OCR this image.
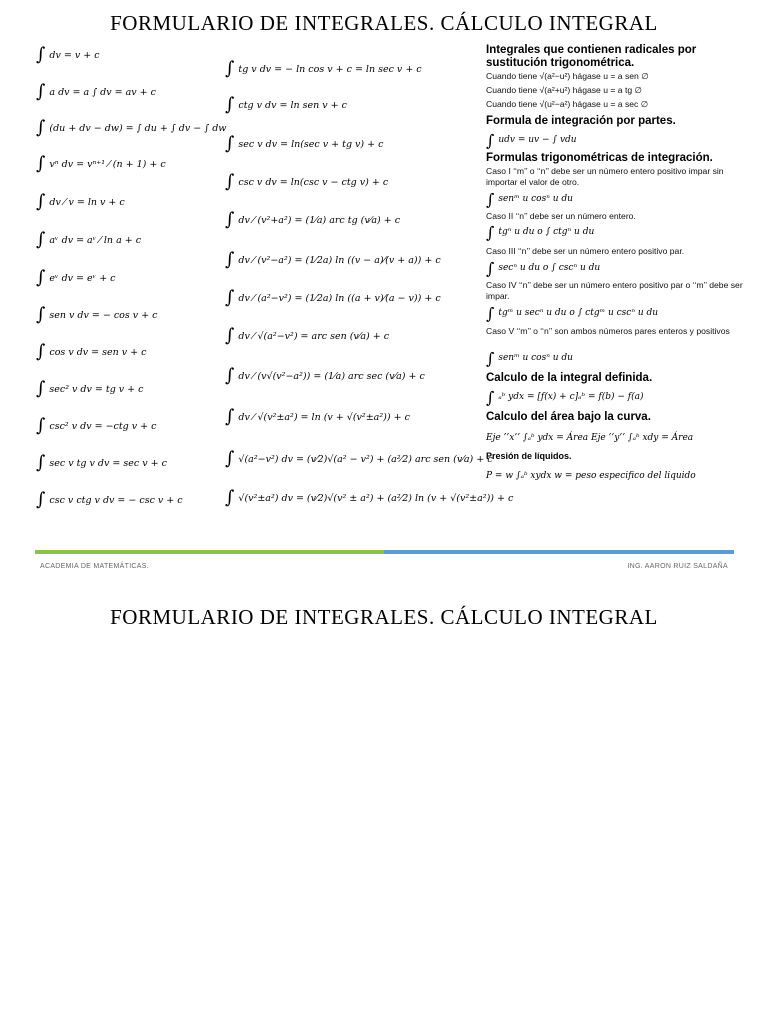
FORMULARIO DE INTEGRALES. CÁLCULO INTEGRAL
∫ dv = v + c
∫ a dv = a ∫ dv = av + c
∫ (du + dv − dw) = ∫ du + ∫ dv − ∫ dw
∫ vⁿ dv = vⁿ⁺¹ ⁄ (n + 1) + c
∫ dv ⁄ v = ln v + c
∫ aᵛ dv = aᵛ ⁄ ln a + c
∫ eᵛ dv = eᵛ + c
∫ sen v dv = − cos v + c
∫ cos v dv = sen v + c
∫ sec² v dv = tg v + c
∫ csc² v dv = −ctg v + c
∫ sec v tg v dv = sec v + c
∫ csc v ctg v dv = − csc v + c
∫ tg v dv = − ln cos v + c = ln sec v + c
∫ ctg v dv = ln sen v + c
∫ sec v dv = ln(sec v + tg v) + c
∫ csc v dv = ln(csc v − ctg v) + c
∫ dv ⁄ (v²+a²) = (1⁄a) arc tg (v⁄a) + c
∫ dv ⁄ (v²−a²) = (1⁄2a) ln ((v − a)⁄(v + a)) + c
∫ dv ⁄ (a²−v²) = (1⁄2a) ln ((a + v)⁄(a − v)) + c
∫ dv ⁄ √(a²−v²) = arc sen (v⁄a) + c
∫ dv ⁄ (v√(v²−a²)) = (1⁄a) arc sec (v⁄a) + c
∫ dv ⁄ √(v²±a²) = ln (v + √(v²±a²)) + c
∫ √(a²−v²) dv = (v⁄2)√(a² − v²) + (a²⁄2) arc sen (v⁄a) + c
∫ √(v²±a²) dv = (v⁄2)√(v² ± a²) + (a²⁄2) ln (v + √(v²±a²)) + c
Integrales que contienen radicales por sustitución trigonométrica.
Cuando tiene √(a²−u²) hágase u = a sen ∅
Cuando tiene √(a²+u²) hágase u = a tg ∅
Cuando tiene √(u²−a²) hágase u = a sec ∅
Formula de integración por partes.
∫ udv = uv − ∫ vdu
Formulas trigonométricas de integración.
Caso I ‘‘m’’ o ‘‘n’’ debe ser un número entero positivo impar sin importar el valor de otro.
∫ senᵐ u cosⁿ u du
Caso II ‘‘n’’ debe ser un número entero.
∫ tgⁿ u du o ∫ ctgⁿ u du
Caso III ‘‘n’’ debe ser un número entero positivo par.
∫ secⁿ u du o ∫ cscⁿ u du
Caso IV ‘‘n’’ debe ser un número entero positivo par o ‘‘m’’ debe ser impar.
∫ tgᵐ u secⁿ u du o ∫ ctgᵐ u cscⁿ u du
Caso V ‘‘m’’ o ‘‘n’’ son ambos números pares enteros y positivos
∫ senᵐ u cosⁿ u du
Calculo de la integral definida.
∫ ₐᵇ ydx = [f(x) + c]ₐᵇ = f(b) − f(a)
Calculo del área bajo la curva.
Eje ’’x’’ ∫ₐᵇ ydx = Área Eje ’’y’’ ∫ₐᵇ xdy = Área
Presión de líquidos.
P = w ∫ₐᵇ xydx w = peso especifico del liquido
ACADEMIA DE MATEMÁTICAS.	ING. AARON RUIZ SALDAÑA
FORMULARIO DE INTEGRALES. CÁLCULO INTEGRAL
